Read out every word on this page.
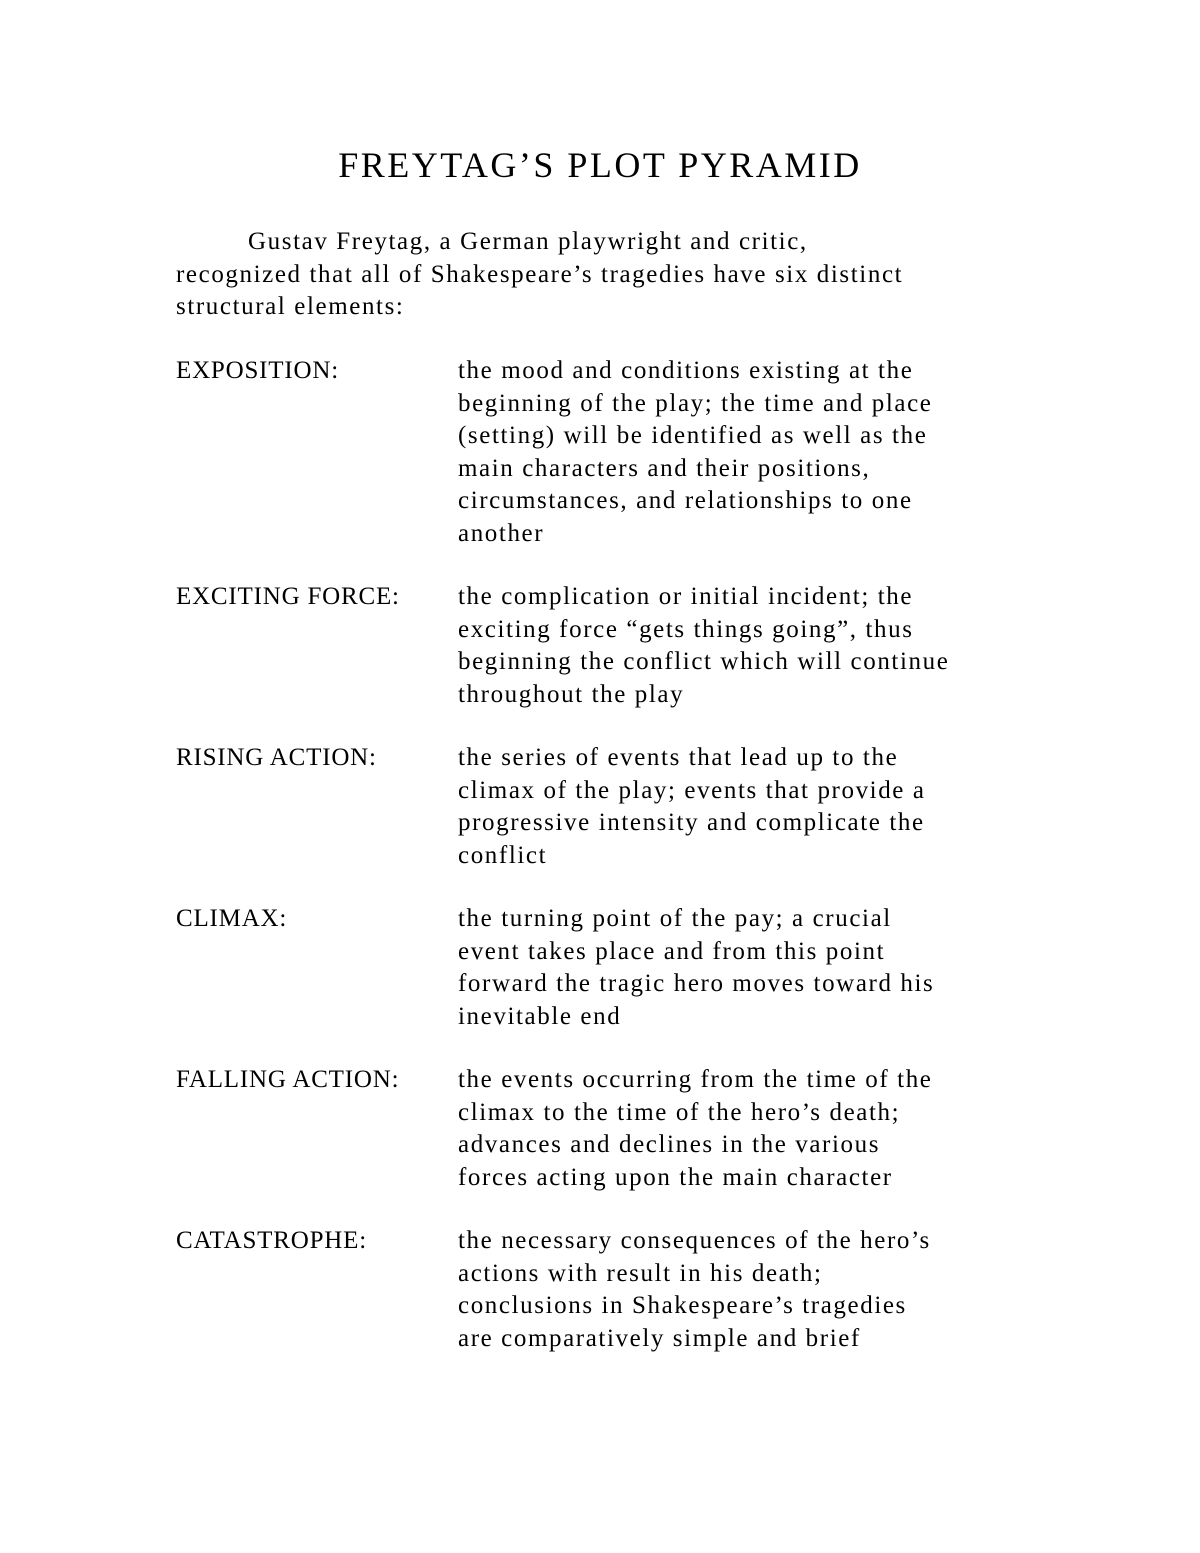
FREYTAG’S PLOT PYRAMID

Gustav Freytag, a German playwright and critic,
recognized that all of Shakespeare’s tragedies have six distinct
structural elements:

EXPOSITION:	the mood and conditions existing at the
beginning of the play; the time and place
(setting) will be identified as well as the
main characters and their positions,
circumstances, and relationships to one
another
EXCITING FORCE: the complication or initial incident; the
exciting force “gets things going”, thus
beginning the conflict which will continue
throughout the play
RISING ACTION:	the series of events that lead up to the
climax of the play; events that provide a
progressive intensity and complicate the
conflict
CLIMAX:	the turning point of the pay; a crucial
event takes place and from this point
forward the tragic hero moves toward his
inevitable end
FALLING ACTION: the events occurring from the time of the
climax to the time of the hero’s death;
advances and declines in the various
forces acting upon the main character
CATASTROPHE:	the necessary consequences of the hero’s
actions with result in his death;
conclusions in Shakespeare’s tragedies
are comparatively simple and brief
